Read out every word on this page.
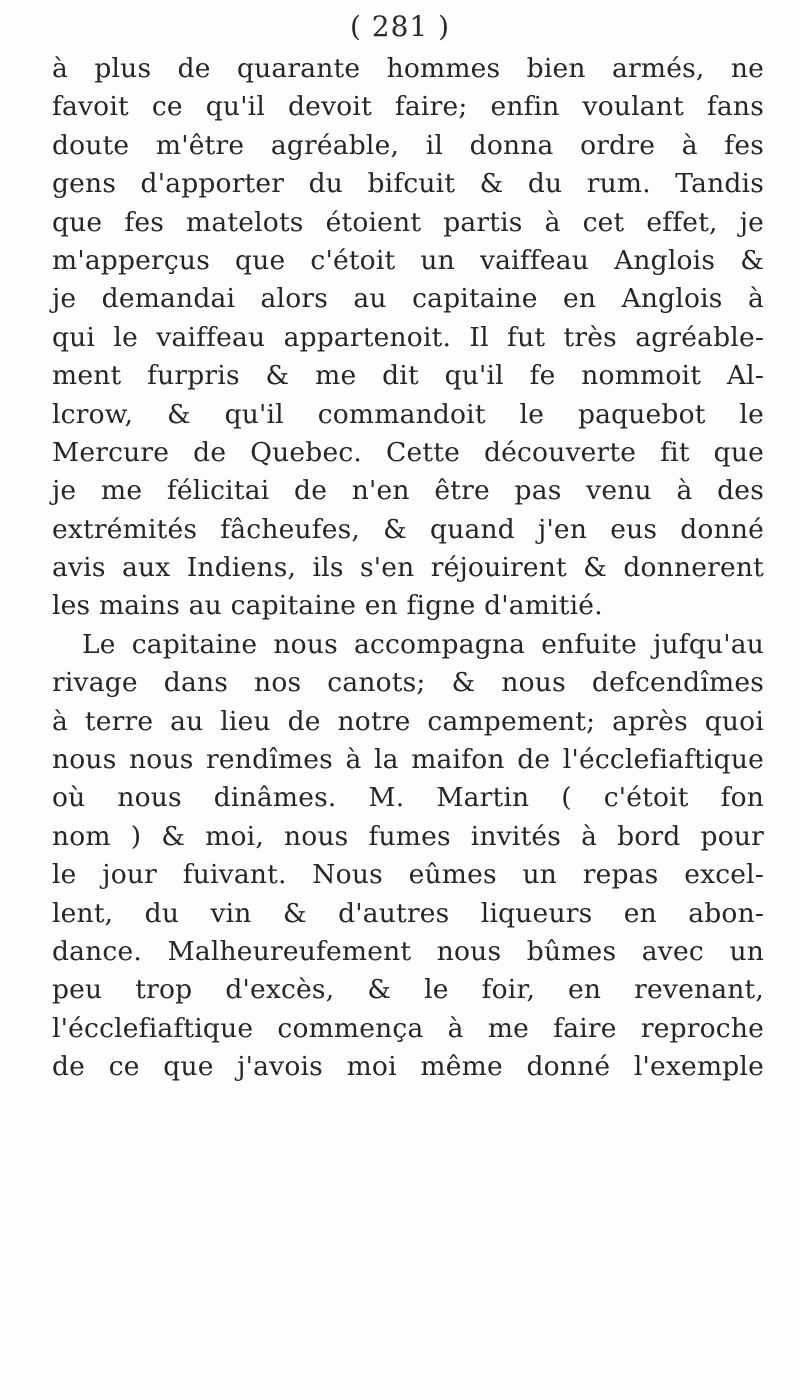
( 281 )
à plus de quarante hommes bien armés, ne
favoit ce qu'il devoit faire; enfin voulant fans
doute m'être agréable, il donna ordre à fes
gens d'apporter du bifcuit & du rum. Tandis
que fes matelots étoient partis à cet effet, je
m'apperçus que c'étoit un vaiffeau Anglois &
je demandai alors au capitaine en Anglois à
qui le vaiffeau appartenoit. Il fut très agréable-
ment furpris & me dit qu'il fe nommoit Al-
lcrow, & qu'il commandoit le paquebot le
Mercure de Quebec. Cette découverte fit que
je me félicitai de n'en être pas venu à des
extrémités fâcheufes, & quand j'en eus donné
avis aux Indiens, ils s'en réjouirent & donnerent
les mains au capitaine en figne d'amitié.
Le capitaine nous accompagna enfuite jufqu'au
rivage dans nos canots; & nous defcendîmes
à terre au lieu de notre campement; après quoi
nous nous rendîmes à la maifon de l'écclefiaftique
où nous dinâmes. M. Martin ( c'étoit fon
nom ) & moi, nous fumes invités à bord pour
le jour fuivant. Nous eûmes un repas excel-
lent, du vin & d'autres liqueurs en abon-
dance. Malheureufement nous bûmes avec un
peu trop d'excès, & le foir, en revenant,
l'écclefiaftique commença à me faire reproche
de ce que j'avois moi même donné l'exemple
